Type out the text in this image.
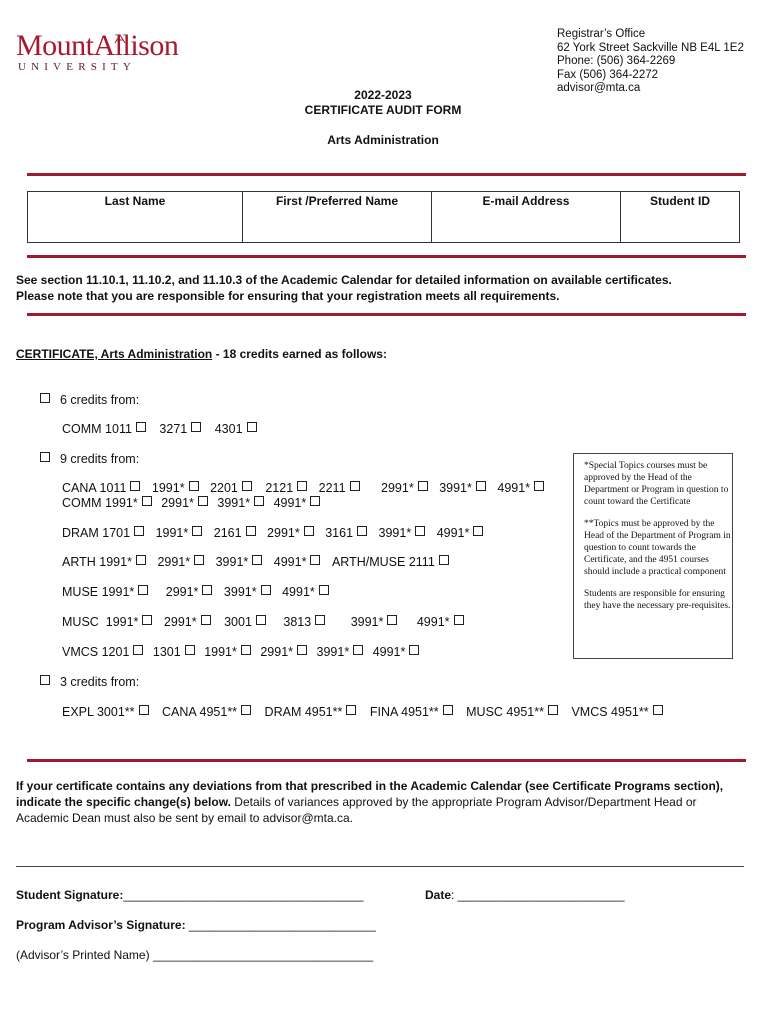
MountAllison
UNIVERSITY
Registrar’s Office
62 York Street Sackville NB E4L 1E2
Phone: (506) 364-2269
Fax (506) 364-2272
advisor@mta.ca
2022-2023
CERTIFICATE AUDIT FORM
Arts Administration
Last Name	First /Preferred Name	E-mail Address	Student ID
See section 11.10.1, 11.10.2, and 11.10.3 of the Academic Calendar for detailed information on available certificates.
Please note that you are responsible for ensuring that your registration meets all requirements.
CERTIFICATE, Arts Administration - 18 credits earned as follows:
6 credits from:
COMM 1011 3271 4301
9 credits from:
CANA 1011 1991* 2201 2121 2211	2991* 3991* 4991*
COMM 1991* 2991* 3991* 4991*
DRAM 1701 1991* 2161 2991* 3161 3991* 4991*
ARTH 1991* 2991* 3991* 4991* ARTH/MUSE 2111
MUSE 1991*	2991* 3991* 4991*
MUSC  1991* 2991* 3001	3813	3991*	4991*
VMCS 1201 1301 1991* 2991* 3991* 4991*

*Special Topics courses must be approved by the Head of the Department or Program in question to count toward the Certificate

**Topics must be approved by the Head of the Department of Program in question to count towards the Certificate, and the 4951 courses should include a practical component

Students are responsible for ensuring they have the necessary pre-requisites.

3 credits from:
EXPL 3001** CANA 4951** DRAM 4951** FINA 4951** MUSC 4951** VMCS 4951**
If your certificate contains any deviations from that prescribed in the Academic Calendar (see Certificate Programs section), indicate the specific change(s) below. Details of variances approved by the appropriate Program Advisor/Department Head or Academic Dean must also be sent by email to advisor@mta.ca.
Student Signature:____________________________________	Date: _________________________
Program Advisor’s Signature: ____________________________
(Advisor’s Printed Name) _________________________________
